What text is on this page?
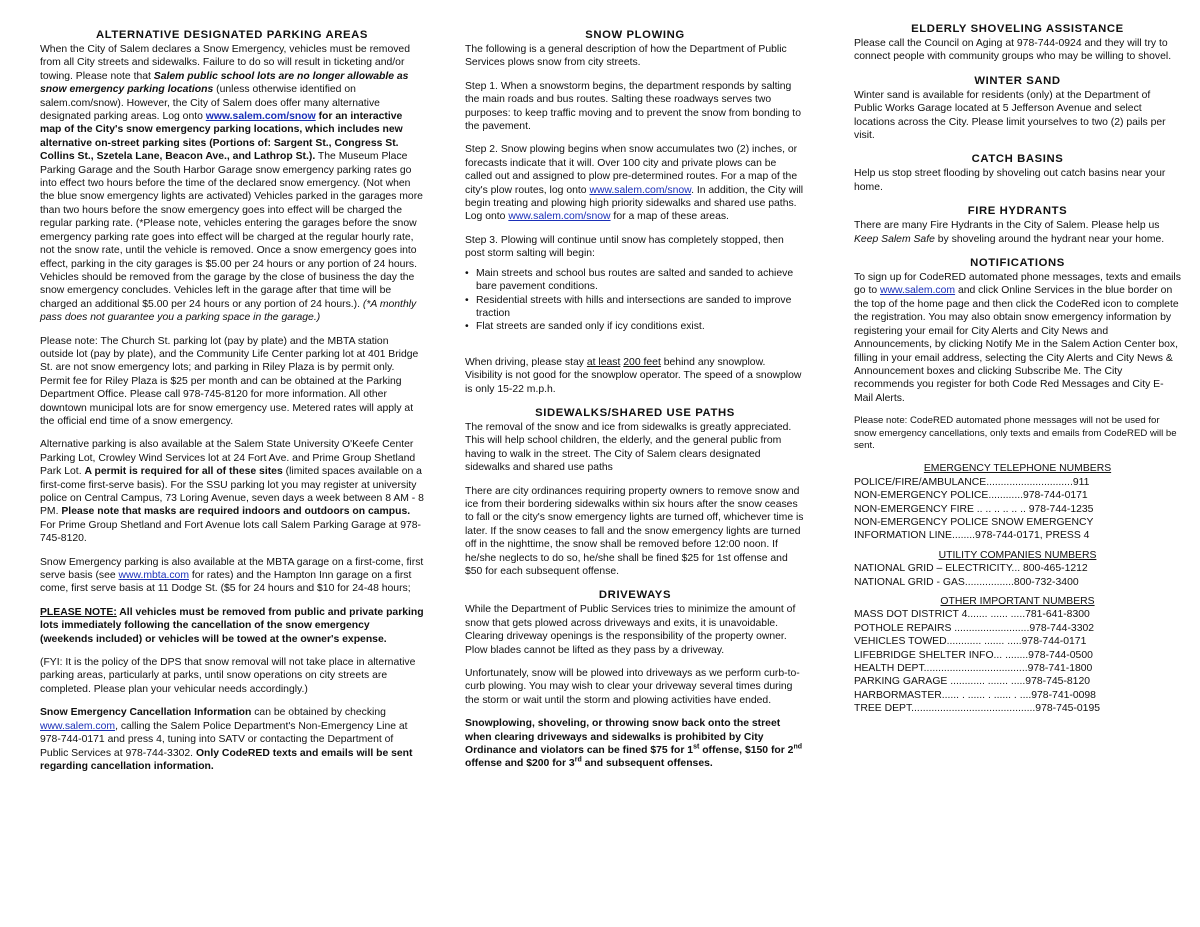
ALTERNATIVE DESIGNATED PARKING AREAS

When the City of Salem declares a Snow Emergency, vehicles must be removed from all City streets and sidewalks. Failure to do so will result in ticketing and/or towing. Please note that Salem public school lots are no longer allowable as snow emergency parking locations (unless otherwise identified on salem.com/snow). However, the City of Salem does offer many alternative designated parking areas. Log onto www.salem.com/snow for an interactive map of the City's snow emergency parking locations, which includes new alternative on-street parking sites (Portions of: Sargent St., Congress St. Collins St., Szetela Lane, Beacon Ave., and Lathrop St.). The Museum Place Parking Garage and the South Harbor Garage snow emergency parking rates go into effect two hours before the time of the declared snow emergency. (Not when the blue snow emergency lights are activated) Vehicles parked in the garages more than two hours before the snow emergency goes into effect will be charged the regular parking rate. (*Please note, vehicles entering the garages before the snow emergency parking rate goes into effect will be charged at the regular hourly rate, not the snow rate, until the vehicle is removed. Once a snow emergency goes into effect, parking in the city garages is $5.00 per 24 hours or any portion of 24 hours. Vehicles should be removed from the garage by the close of business the day the snow emergency concludes. Vehicles left in the garage after that time will be charged an additional $5.00 per 24 hours or any portion of 24 hours.). (*A monthly pass does not guarantee you a parking space in the garage.)

Please note: The Church St. parking lot (pay by plate) and the MBTA station outside lot (pay by plate), and the Community Life Center parking lot at 401 Bridge St. are not snow emergency lots; and parking in Riley Plaza is by permit only. Permit fee for Riley Plaza is $25 per month and can be obtained at the Parking Department Office. Please call 978-745-8120 for more information. All other downtown municipal lots are for snow emergency use. Metered rates will apply at the official end time of a snow emergency.

Alternative parking is also available at the Salem State University O'Keefe Center Parking Lot, Crowley Wind Services lot at 24 Fort Ave. and Prime Group Shetland Park Lot. A permit is required for all of these sites (limited spaces available on a first-come first-serve basis). For the SSU parking lot you may register at university police on Central Campus, 73 Loring Avenue, seven days a week between 8 AM - 8 PM. Please note that masks are required indoors and outdoors on campus. For Prime Group Shetland and Fort Avenue lots call Salem Parking Garage at 978-745-8120.

Snow Emergency parking is also available at the MBTA garage on a first-come, first serve basis (see www.mbta.com for rates) and the Hampton Inn garage on a first come, first serve basis at 11 Dodge St. ($5 for 24 hours and $10 for 24-48 hours;

PLEASE NOTE: All vehicles must be removed from public and private parking lots immediately following the cancellation of the snow emergency (weekends included) or vehicles will be towed at the owner's expense.

(FYI: It is the policy of the DPS that snow removal will not take place in alternative parking areas, particularly at parks, until snow operations on city streets are completed. Please plan your vehicular needs accordingly.)

Snow Emergency Cancellation Information can be obtained by checking www.salem.com, calling the Salem Police Department's Non-Emergency Line at 978-744-0171 and press 4, tuning into SATV or contacting the Department of Public Services at 978-744-3302. Only CodeRED texts and emails will be sent regarding cancellation information.

SNOW PLOWING

The following is a general description of how the Department of Public Services plows snow from city streets.

Step 1. When a snowstorm begins, the department responds by salting the main roads and bus routes. Salting these roadways serves two purposes: to keep traffic moving and to prevent the snow from bonding to the pavement.

Step 2. Snow plowing begins when snow accumulates two (2) inches, or forecasts indicate that it will. Over 100 city and private plows can be called out and assigned to plow pre-determined routes. For a map of the city's plow routes, log onto www.salem.com/snow. In addition, the City will begin treating and plowing high priority sidewalks and shared use paths. Log onto www.salem.com/snow for a map of these areas.

Step 3. Plowing will continue until snow has completely stopped, then post storm salting will begin:

• Main streets and school bus routes are salted and sanded to achieve bare pavement conditions.
• Residential streets with hills and intersections are sanded to improve traction
• Flat streets are sanded only if icy conditions exist.

When driving, please stay at least 200 feet behind any snowplow. Visibility is not good for the snowplow operator. The speed of a snowplow is only 15-22 m.p.h.

SIDEWALKS/SHARED USE PATHS

The removal of the snow and ice from sidewalks is greatly appreciated. This will help school children, the elderly, and the general public from having to walk in the street. The City of Salem clears designated sidewalks and shared use paths

There are city ordinances requiring property owners to remove snow and ice from their bordering sidewalks within six hours after the snow ceases to fall or the city's snow emergency lights are turned off, whichever time is later. If the snow ceases to fall and the snow emergency lights are turned off in the nighttime, the snow shall be removed before 12:00 noon. If he/she neglects to do so, he/she shall be fined $25 for 1st offense and $50 for each subsequent offense.

DRIVEWAYS

While the Department of Public Services tries to minimize the amount of snow that gets plowed across driveways and exits, it is unavoidable. Clearing driveway openings is the responsibility of the property owner. Plow blades cannot be lifted as they pass by a driveway.

Unfortunately, snow will be plowed into driveways as we perform curb-to-curb plowing. You may wish to clear your driveway several times during the storm or wait until the storm and plowing activities have ended.

Snowplowing, shoveling, or throwing snow back onto the street when clearing driveways and sidewalks is prohibited by City Ordinance and violators can be fined $75 for 1st offense, $150 for 2nd offense and $200 for 3rd and subsequent offenses.

ELDERLY SHOVELING ASSISTANCE

Please call the Council on Aging at 978-744-0924 and they will try to connect people with community groups who may be willing to shovel.

WINTER SAND

Winter sand is available for residents (only) at the Department of Public Works Garage located at 5 Jefferson Avenue and select locations across the City. Please limit yourselves to two (2) pails per visit.

CATCH BASINS

Help us stop street flooding by shoveling out catch basins near your home.

FIRE HYDRANTS

There are many Fire Hydrants in the City of Salem. Please help us Keep Salem Safe by shoveling around the hydrant near your home.

NOTIFICATIONS

To sign up for CodeRED automated phone messages, texts and emails go to www.salem.com and click Online Services in the blue border on the top of the home page and then click the CodeRed icon to complete the registration. You may also obtain snow emergency information by registering your email for City Alerts and City News and Announcements, by clicking Notify Me in the Salem Action Center box, filling in your email address, selecting the City Alerts and City News & Announcement boxes and clicking Subscribe Me. The City recommends you register for both Code Red Messages and City E-Mail Alerts.

Please note: CodeRED automated phone messages will not be used for snow emergency cancellations, only texts and emails from CodeRED will be sent.

EMERGENCY TELEPHONE NUMBERS
POLICE/FIRE/AMBULANCE..............................911
NON-EMERGENCY POLICE............978-744-0171
NON-EMERGENCY FIRE .. .. .. .. .. .. 978-744-1235
NON-EMERGENCY POLICE SNOW EMERGENCY
INFORMATION LINE........978-744-0171, PRESS 4
UTILITY COMPANIES NUMBERS
NATIONAL GRID – ELECTRICITY... 800-465-1212
NATIONAL GRID - GAS.................800-732-3400
OTHER IMPORTANT NUMBERS
MASS DOT DISTRICT 4....... ...... .....781-641-8300
POTHOLE REPAIRS ..........................978-744-3302
VEHICLES TOWED............ ....... .....978-744-0171
LIFEBRIDGE SHELTER INFO... ........978-744-0500
HEALTH DEPT....................................978-741-1800
PARKING GARAGE ............ ....... .....978-745-8120
HARBORMASTER...... . ...... . ...... . ....978-741-0098
TREE DEPT...........................................978-745-0195
